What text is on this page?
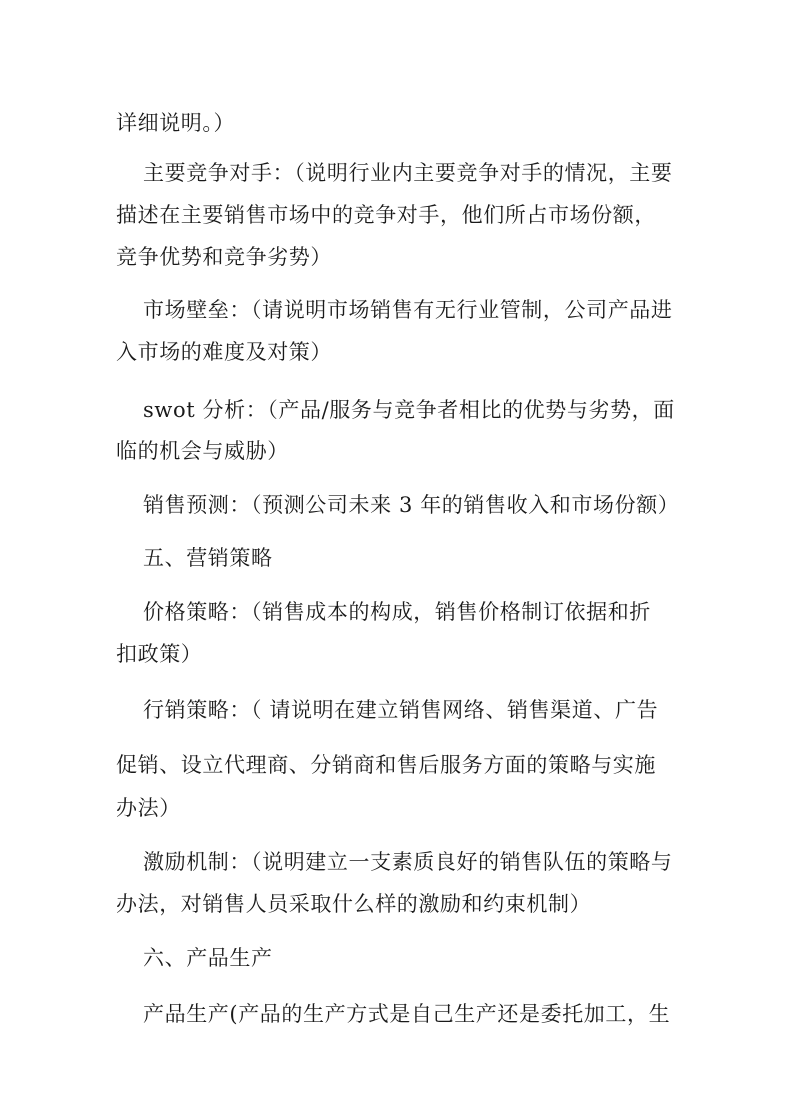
详细说明。）
主要竞争对手：（说明行业内主要竞争对手的情况，主要
描述在主要销售市场中的竞争对手，他们所占市场份额，
竞争优势和竞争劣势）
市场壁垒：（请说明市场销售有无行业管制，公司产品进
入市场的难度及对策）
swot 分析：（产品/服务与竞争者相比的优势与劣势，面
临的机会与威胁）
销售预测：（预测公司未来 3 年的销售收入和市场份额）
五、营销策略
价格策略：（销售成本的构成，销售价格制订依据和折
扣政策）
行销策略：（ 请说明在建立销售网络、销售渠道、广告
促销、设立代理商、分销商和售后服务方面的策略与实施
办法）
激励机制：（说明建立一支素质良好的销售队伍的策略与
办法，对销售人员采取什么样的激励和约束机制）
六、产品生产
产品生产(产品的生产方式是自己生产还是委托加工，生
